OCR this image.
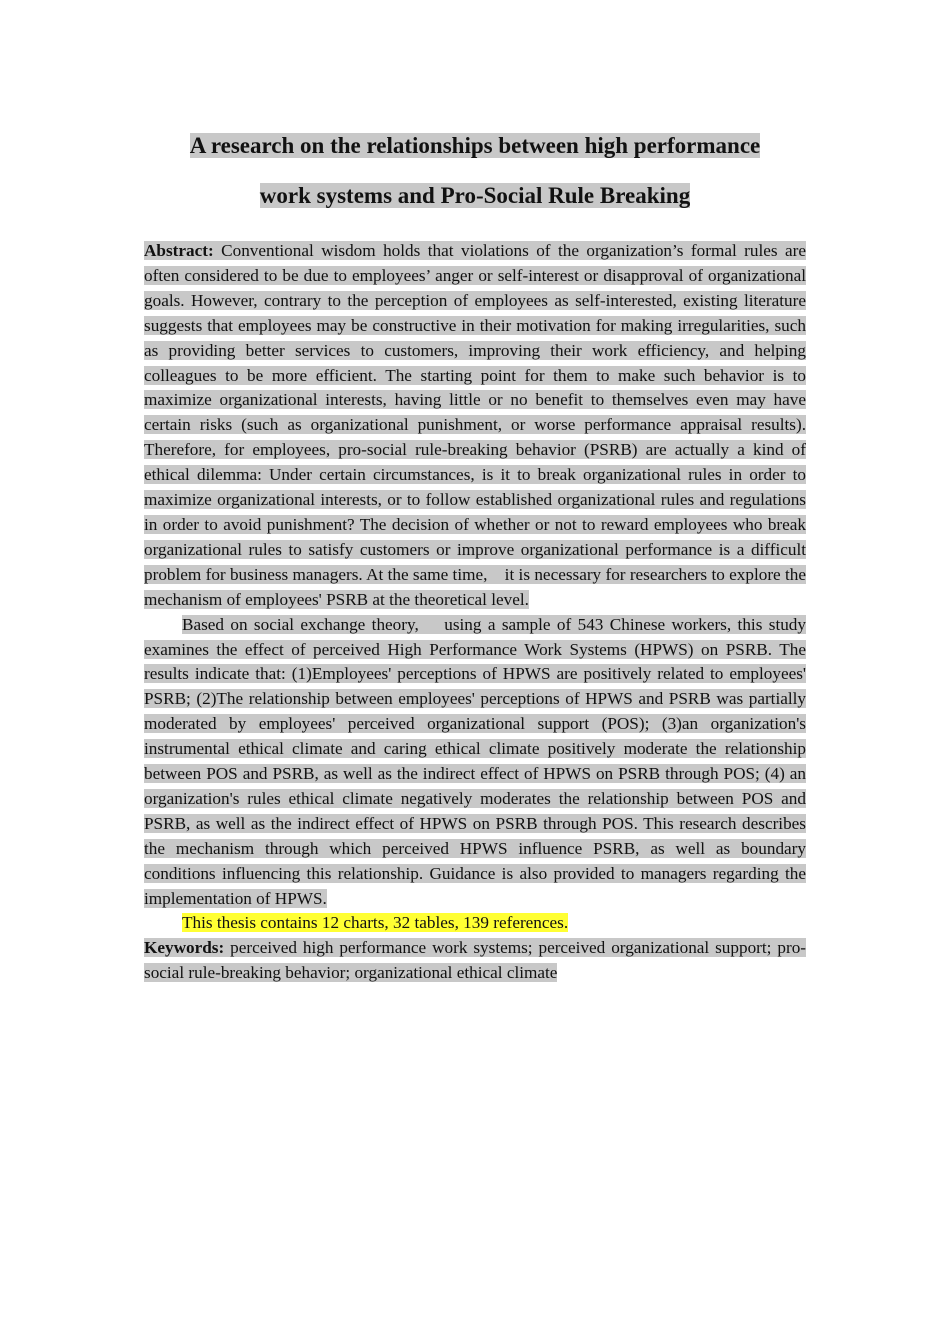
A research on the relationships between high performance

work systems and Pro-Social Rule Breaking

Abstract: Conventional wisdom holds that violations of the organization’s formal rules are often considered to be due to employees’ anger or self-interest or disapproval of organizational goals. However, contrary to the perception of employees as self-interested, existing literature suggests that employees may be constructive in their motivation for making irregularities, such as providing better services to customers, improving their work efficiency, and helping colleagues to be more efficient. The starting point for them to make such behavior is to maximize organizational interests, having little or no benefit to themselves even may have certain risks (such as organizational punishment, or worse performance appraisal results). Therefore, for employees, pro-social rule-breaking behavior (PSRB) are actually a kind of ethical dilemma: Under certain circumstances, is it to break organizational rules in order to maximize organizational interests, or to follow established organizational rules and regulations in order to avoid punishment? The decision of whether or not to reward employees who break organizational rules to satisfy customers or improve organizational performance is a difficult problem for business managers. At the same time,    it is necessary for researchers to explore the mechanism of employees' PSRB at the theoretical level.

Based on social exchange theory,    using a sample of 543 Chinese workers, this study examines the effect of perceived High Performance Work Systems (HPWS) on PSRB. The results indicate that: (1)Employees' perceptions of HPWS are positively related to employees' PSRB; (2)The relationship between employees' perceptions of HPWS and PSRB was partially moderated by employees' perceived organizational support (POS); (3)an organization's instrumental ethical climate and caring ethical climate positively moderate the relationship between POS and PSRB, as well as the indirect effect of HPWS on PSRB through POS; (4) an organization's rules ethical climate negatively moderates the relationship between POS and PSRB, as well as the indirect effect of HPWS on PSRB through POS. This research describes the mechanism through which perceived HPWS influence PSRB, as well as boundary conditions influencing this relationship. Guidance is also provided to managers regarding the implementation of HPWS.

This thesis contains 12 charts, 32 tables, 139 references.

Keywords: perceived high performance work systems; perceived organizational support; pro-social rule-breaking behavior; organizational ethical climate
